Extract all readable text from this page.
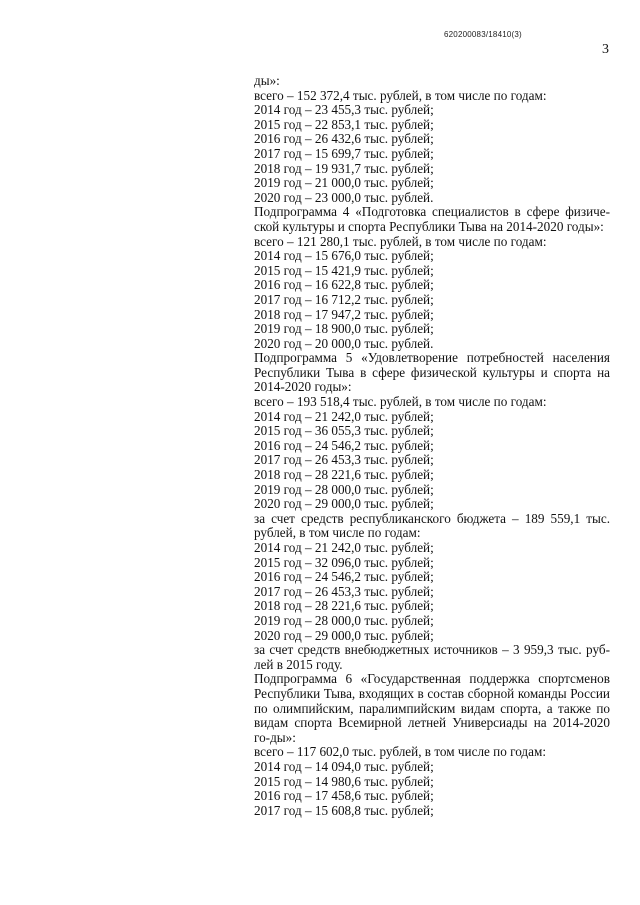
620200083/18410(3)
3
ды»:
всего – 152 372,4 тыс. рублей, в том числе по годам:
2014 год – 23 455,3 тыс. рублей;
2015 год – 22 853,1 тыс. рублей;
2016 год – 26 432,6 тыс. рублей;
2017 год – 15 699,7 тыс. рублей;
2018 год – 19 931,7 тыс. рублей;
2019 год – 21 000,0 тыс. рублей;
2020 год – 23 000,0 тыс. рублей.
Подпрограмма 4 «Подготовка специалистов в сфере физиче-ской культуры и спорта Республики Тыва на 2014-2020 годы»:
всего – 121 280,1 тыс. рублей, в том числе по годам:
2014 год – 15 676,0 тыс. рублей;
2015 год – 15 421,9 тыс. рублей;
2016 год – 16 622,8 тыс. рублей;
2017 год – 16 712,2 тыс. рублей;
2018 год – 17 947,2 тыс. рублей;
2019 год – 18 900,0 тыс. рублей;
2020 год – 20 000,0 тыс. рублей.
Подпрограмма 5 «Удовлетворение потребностей населения Республики Тыва в сфере физической культуры и спорта на 2014-2020 годы»:
всего – 193 518,4 тыс. рублей, в том числе по годам:
2014 год – 21 242,0 тыс. рублей;
2015 год – 36 055,3 тыс. рублей;
2016 год – 24 546,2 тыс. рублей;
2017 год – 26 453,3 тыс. рублей;
2018 год – 28 221,6 тыс. рублей;
2019 год – 28 000,0 тыс. рублей;
2020 год – 29 000,0 тыс. рублей;
за счет средств республиканского бюджета – 189 559,1 тыс. рублей, в том числе по годам:
2014 год – 21 242,0 тыс. рублей;
2015 год – 32 096,0 тыс. рублей;
2016 год – 24 546,2 тыс. рублей;
2017 год – 26 453,3 тыс. рублей;
2018 год – 28 221,6 тыс. рублей;
2019 год – 28 000,0 тыс. рублей;
2020 год – 29 000,0 тыс. рублей;
за счет средств внебюджетных источников – 3 959,3 тыс. руб-лей в 2015 году.
Подпрограмма 6 «Государственная поддержка спортсменов Республики Тыва, входящих в состав сборной команды России по олимпийским, паралимпийским видам спорта, а также по видам спорта Всемирной летней Универсиады на 2014-2020 го-ды»:
всего – 117 602,0 тыс. рублей, в том числе по годам:
2014 год – 14 094,0 тыс. рублей;
2015 год – 14 980,6 тыс. рублей;
2016 год – 17 458,6 тыс. рублей;
2017 год – 15 608,8 тыс. рублей;
